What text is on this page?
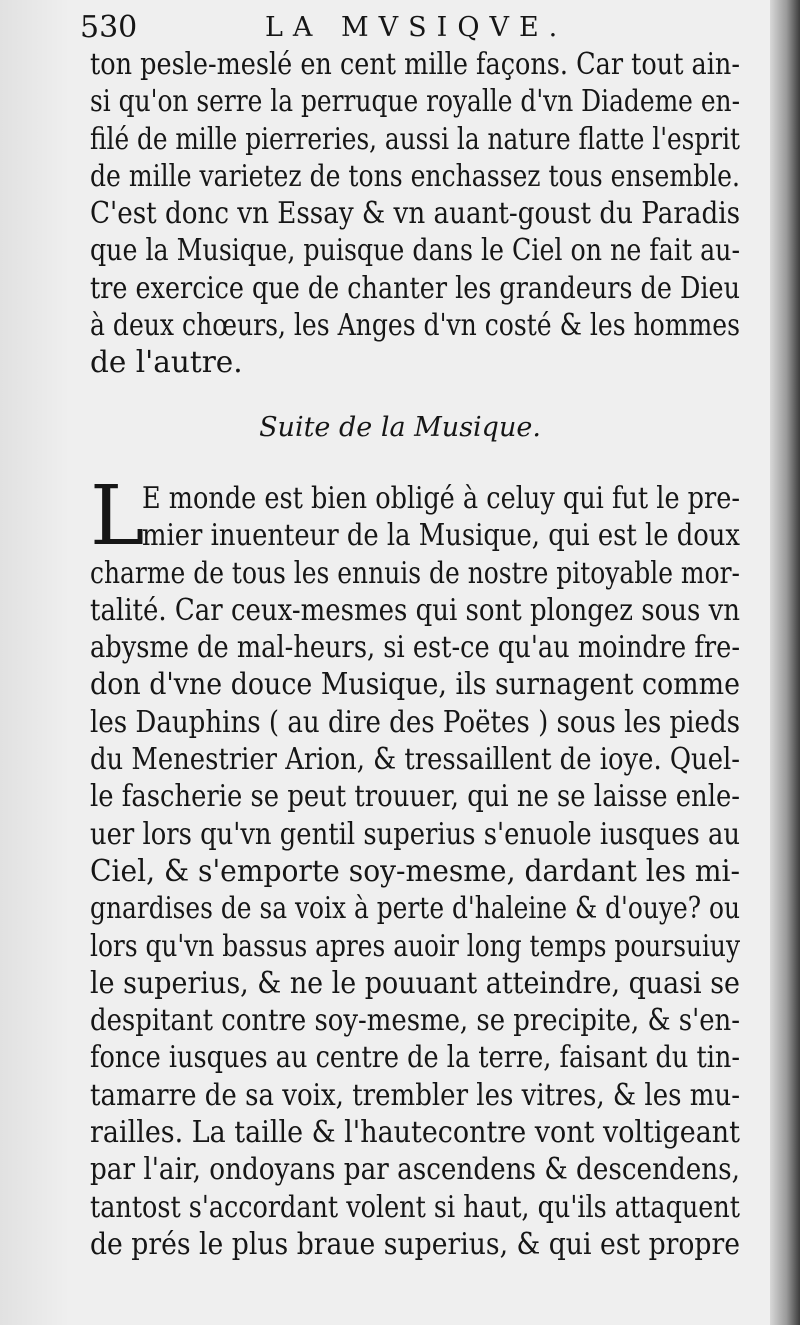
530	LA MVSIQVE.
ton pesle-meslé en cent mille façons. Car tout ain-
si qu'on serre la perruque royalle d'vn Diademe en-
filé de mille pierreries, aussi la nature flatte l'esprit
de mille varietez de tons enchassez tous ensemble.
C'est donc vn Essay & vn auant-goust du Paradis
que la Musique, puisque dans le Ciel on ne fait au-
tre exercice que de chanter les grandeurs de Dieu
à deux chœurs, les Anges d'vn costé & les hommes
de l'autre.
Suite de la Musique.
L
E monde est bien obligé à celuy qui fut le pre-
mier inuenteur de la Musique, qui est le doux
charme de tous les ennuis de nostre pitoyable mor-
talité. Car ceux-mesmes qui sont plongez sous vn
abysme de mal-heurs, si est-ce qu'au moindre fre-
don d'vne douce Musique, ils surnagent comme
les Dauphins ( au dire des Poëtes ) sous les pieds
du Menestrier Arion, & tressaillent de ioye. Quel-
le fascherie se peut trouuer, qui ne se laisse enle-
uer lors qu'vn gentil superius s'enuole iusques au
Ciel, & s'emporte soy-mesme, dardant les mi-
gnardises de sa voix à perte d'haleine & d'ouye? ou
lors qu'vn bassus apres auoir long temps poursuiuy
le superius, & ne le pouuant atteindre, quasi se
despitant contre soy-mesme, se precipite, & s'en-
fonce iusques au centre de la terre, faisant du tin-
tamarre de sa voix, trembler les vitres, & les mu-
railles. La taille & l'hautecontre vont voltigeant
par l'air, ondoyans par ascendens & descendens,
tantost s'accordant volent si haut, qu'ils attaquent
de prés le plus braue superius, & qui est propre
